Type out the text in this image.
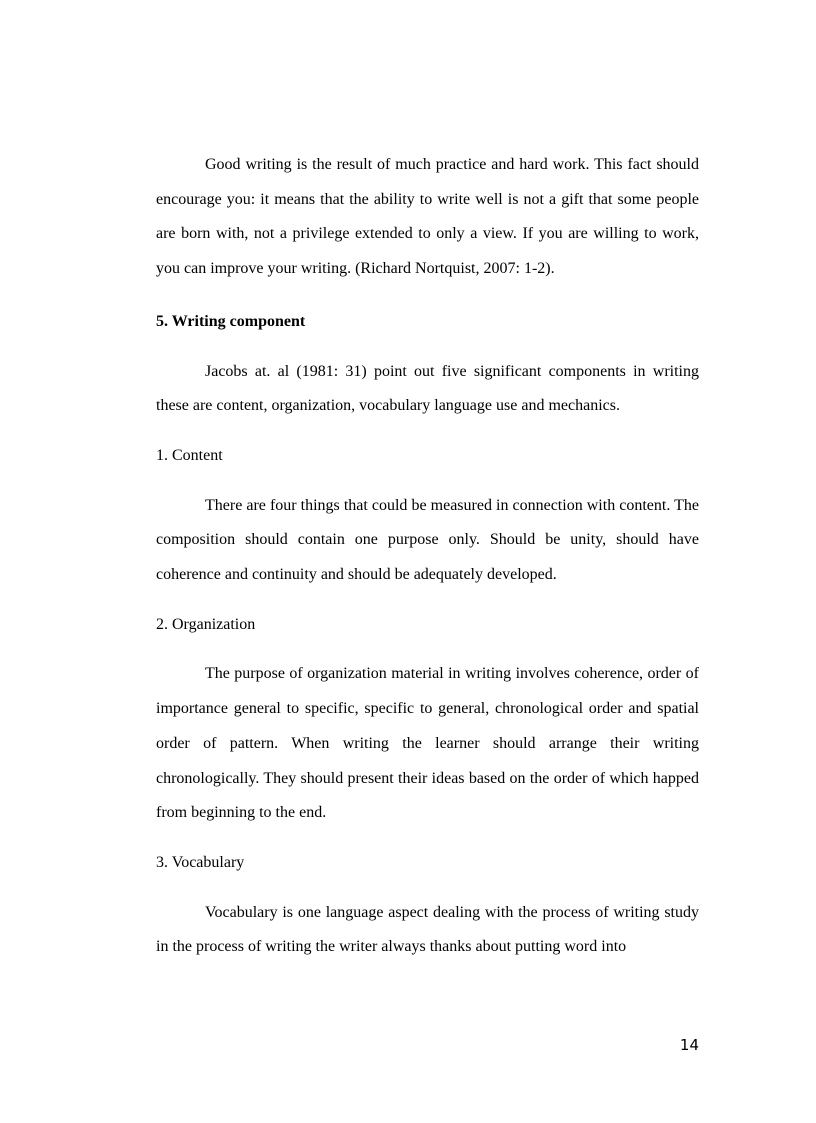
Good writing is the result of much practice and hard work. This fact should encourage you: it means that the ability to write well is not a gift that some people are born with, not a privilege extended to only a view. If you are willing to work, you can improve your writing. (Richard Nortquist, 2007: 1-2).

5. Writing component

Jacobs at. al (1981: 31) point out five significant components in writing these are content, organization, vocabulary language use and mechanics.

1. Content

There are four things that could be measured in connection with content. The composition should contain one purpose only. Should be unity, should have coherence and continuity and should be adequately developed.

2. Organization

The purpose of organization material in writing involves coherence, order of importance general to specific, specific to general, chronological order and spatial order of pattern. When writing the learner should arrange their writing chronologically. They should present their ideas based on the order of which happed from beginning to the end.

3. Vocabulary

Vocabulary is one language aspect dealing with the process of writing study in the process of writing the writer always thanks about putting word into

14
